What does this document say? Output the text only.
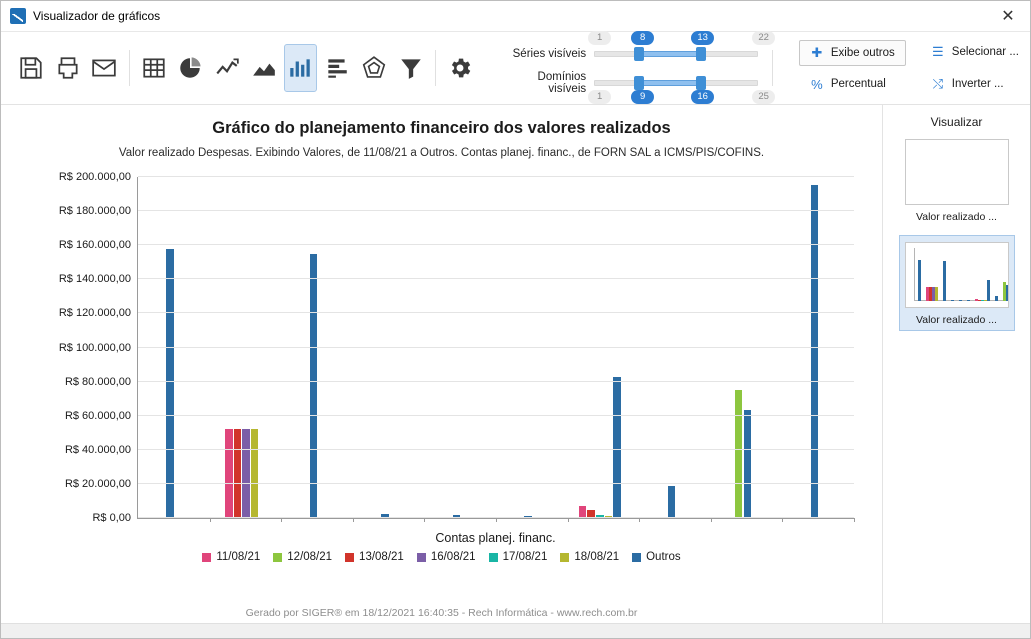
Visualizador de gráficos	✕
Séries visíveis
1	8	13	22
Domínios visíveis
1	9	16	25
✚ Exibe outros
% Percentual
☰ Selecionar ...
⤭ Inverter ...
Gráfico do planejamento financeiro dos valores realizados
Valor realizado Despesas. Exibindo Valores, de 11/08/21 a Outros. Contas planej. financ., de FORN SAL a ICMS/PIS/COFINS.
R$ 0,00
R$ 20.000,00
R$ 40.000,00
R$ 60.000,00
R$ 80.000,00
R$ 100.000,00
R$ 120.000,00
R$ 140.000,00
R$ 160.000,00
R$ 180.000,00
R$ 200.000,00
Contas planej. financ.
11/08/21 12/08/21 13/08/21 16/08/21 17/08/21 18/08/21 Outros
Gerado por SIGER® em 18/12/2021 16:40:35 - Rech Informática - www.rech.com.br
Visualizar
Valor realizado ...
Valor realizado ...
